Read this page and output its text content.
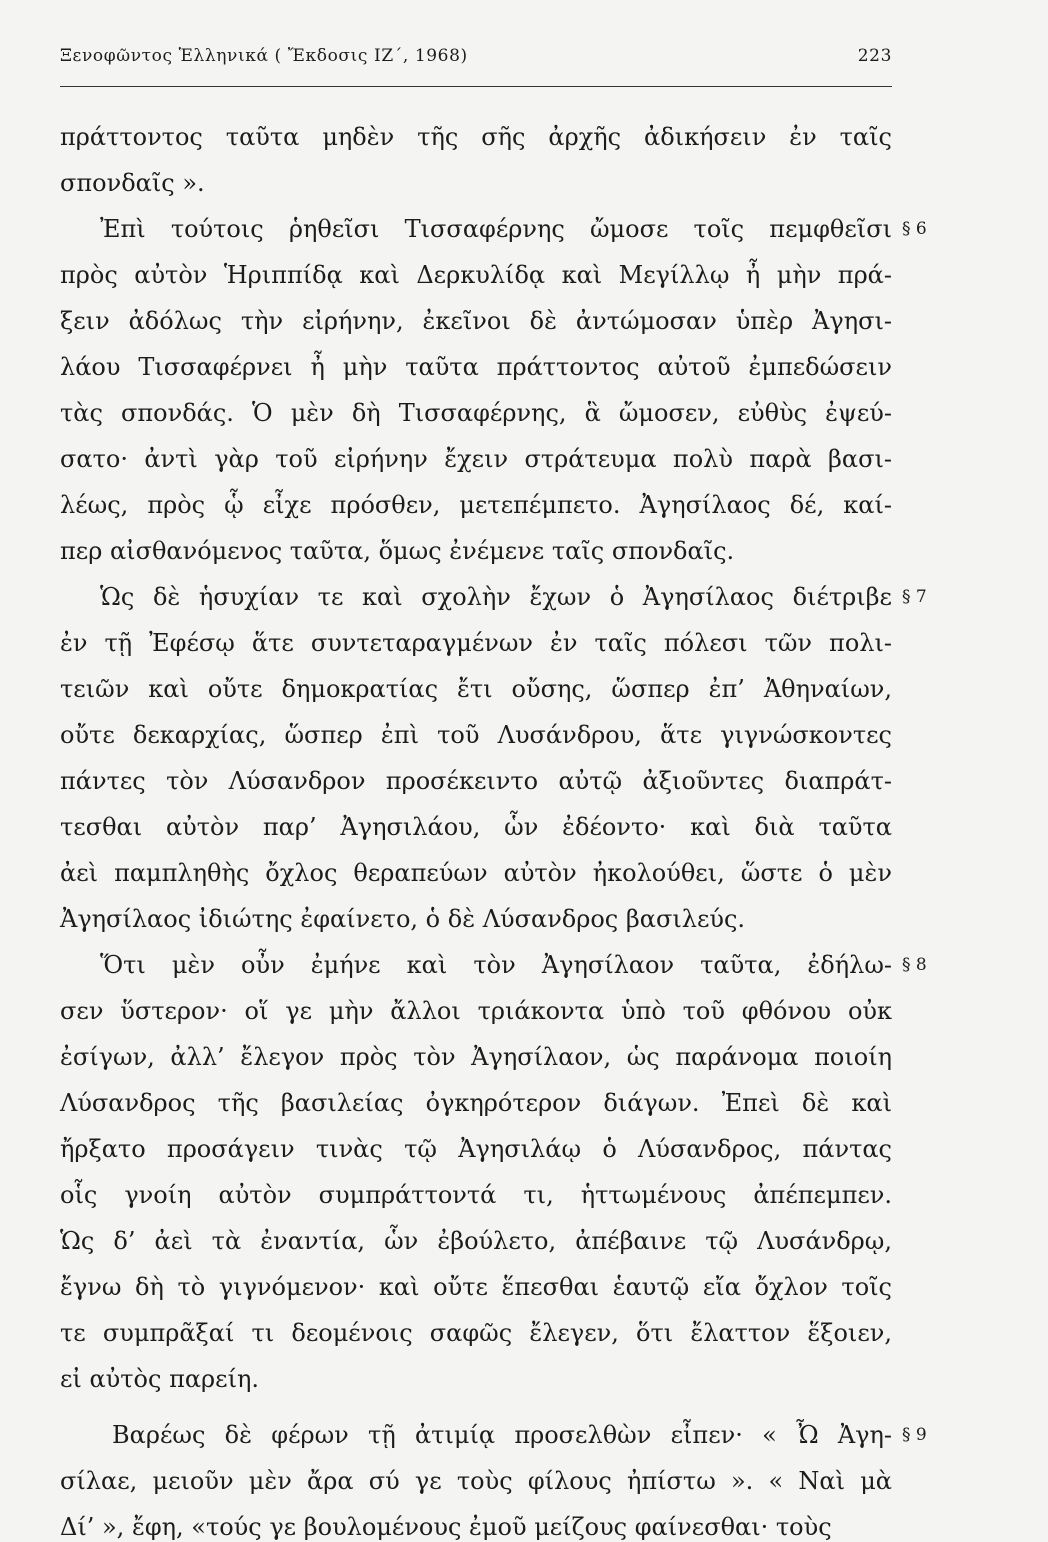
Ξενοφῶντος Ἑλληνικά ( Ἔκδοσις ΙΖ΄, 1968)	223
πράττοντος ταῦτα μηδὲν τῆς σῆς ἀρχῆς ἀδικήσειν ἐν ταῖς
σπονδαῖς ».
Ἐπὶ τούτοις ῥηθεῖσι Τισσαφέρνης ὤμοσε τοῖς πεμφθεῖσι
πρὸς αὐτὸν Ἡριππίδᾳ καὶ Δερκυλίδᾳ καὶ Μεγίλλῳ ἦ μὴν πρά-
ξειν ἀδόλως τὴν εἰρήνην, ἐκεῖνοι δὲ ἀντώμοσαν ὑπὲρ Ἀγησι-
λάου Τισσαφέρνει ἦ μὴν ταῦτα πράττοντος αὐτοῦ ἐμπεδώσειν
τὰς σπονδάς. Ὁ μὲν δὴ Τισσαφέρνης, ἃ ὤμοσεν, εὐθὺς ἐψεύ-
σατο· ἀντὶ γὰρ τοῦ εἰρήνην ἔχειν στράτευμα πολὺ παρὰ βασι-
λέως, πρὸς ᾧ εἶχε πρόσθεν, μετεπέμπετο. Ἀγησίλαος δέ, καί-
περ αἰσθανόμενος ταῦτα, ὅμως ἐνέμενε ταῖς σπονδαῖς.
Ὡς δὲ ἡσυχίαν τε καὶ σχολὴν ἔχων ὁ Ἀγησίλαος διέτριβε
ἐν τῇ Ἐφέσῳ ἅτε συντεταραγμένων ἐν ταῖς πόλεσι τῶν πολι-
τειῶν καὶ οὔτε δημοκρατίας ἔτι οὔσης, ὥσπερ ἐπ’ Ἀθηναίων,
οὔτε δεκαρχίας, ὥσπερ ἐπὶ τοῦ Λυσάνδρου, ἅτε γιγνώσκοντες
πάντες τὸν Λύσανδρον προσέκειντο αὐτῷ ἀξιοῦντες διαπράτ-
τεσθαι αὐτὸν παρ’ Ἀγησιλάου, ὧν ἐδέοντο· καὶ διὰ ταῦτα
ἀεὶ παμπληθὴς ὄχλος θεραπεύων αὐτὸν ἠκολούθει, ὥστε ὁ μὲν
Ἀγησίλαος ἰδιώτης ἐφαίνετο, ὁ δὲ Λύσανδρος βασιλεύς.
Ὅτι μὲν οὖν ἐμήνε καὶ τὸν Ἀγησίλαον ταῦτα, ἐδήλω-
σεν ὕστερον· οἵ γε μὴν ἄλλοι τριάκοντα ὑπὸ τοῦ φθόνου οὐκ
ἐσίγων, ἀλλ’ ἔλεγον πρὸς τὸν Ἀγησίλαον, ὡς παράνομα ποιοίη
Λύσανδρος τῆς βασιλείας ὀγκηρότερον διάγων. Ἐπεὶ δὲ καὶ
ἤρξατο προσάγειν τινὰς τῷ Ἀγησιλάῳ ὁ Λύσανδρος, πάντας
οἷς γνοίη αὐτὸν συμπράττοντά τι, ἡττωμένους ἀπέπεμπεν.
Ὡς δ’ ἀεὶ τὰ ἐναντία, ὧν ἐβούλετο, ἀπέβαινε τῷ Λυσάνδρῳ,
ἔγνω δὴ τὸ γιγνόμενον· καὶ οὔτε ἕπεσθαι ἑαυτῷ εἴα ὄχλον τοῖς
τε συμπρᾶξαί τι δεομένοις σαφῶς ἔλεγεν, ὅτι ἔλαττον ἕξοιεν,
εἰ αὐτὸς παρείη.
Βαρέως δὲ φέρων τῇ ἀτιμίᾳ προσελθὼν εἶπεν· « Ὦ Ἀγη-
σίλαε, μειοῦν μὲν ἄρα σύ γε τοὺς φίλους ἠπίστω ». « Ναὶ μὰ
Δί’ », ἔφη, «τούς γε βουλομένους ἐμοῦ μείζους φαίνεσθαι· τοὺς
§ 6
§ 7
§ 8
§ 9
